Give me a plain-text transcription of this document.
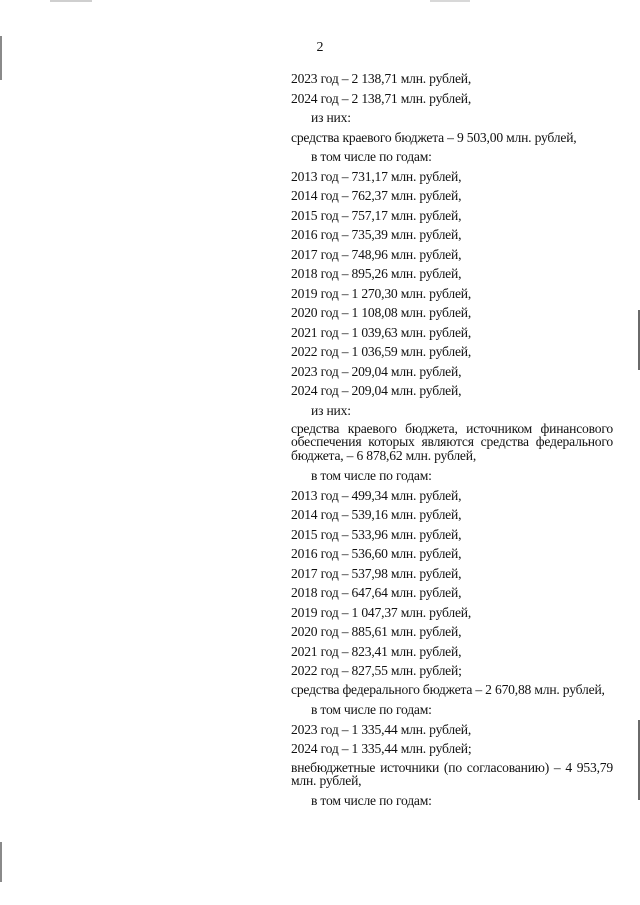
2
2023 год – 2 138,71 млн. рублей,
2024 год – 2 138,71 млн. рублей,
из них:
средства краевого бюджета – 9 503,00 млн. рублей,
в том числе по годам:
2013 год – 731,17 млн. рублей,
2014 год – 762,37 млн. рублей,
2015 год – 757,17 млн. рублей,
2016 год – 735,39 млн. рублей,
2017 год – 748,96 млн. рублей,
2018 год – 895,26 млн. рублей,
2019 год – 1 270,30 млн. рублей,
2020 год – 1 108,08 млн. рублей,
2021 год – 1 039,63 млн. рублей,
2022 год – 1 036,59 млн. рублей,
2023 год – 209,04 млн. рублей,
2024 год – 209,04 млн. рублей,
из них:
средства краевого бюджета, источником финансового обеспечения которых являются средства федерального бюджета, – 6 878,62 млн. рублей,
в том числе по годам:
2013 год – 499,34 млн. рублей,
2014 год – 539,16 млн. рублей,
2015 год – 533,96 млн. рублей,
2016 год – 536,60 млн. рублей,
2017 год – 537,98 млн. рублей,
2018 год – 647,64 млн. рублей,
2019 год – 1 047,37 млн. рублей,
2020 год – 885,61 млн. рублей,
2021 год – 823,41 млн. рублей,
2022 год – 827,55 млн. рублей;
средства федерального бюджета – 2 670,88 млн. рублей,
в том числе по годам:
2023 год – 1 335,44 млн. рублей,
2024 год – 1 335,44 млн. рублей;
внебюджетные источники (по согласованию) – 4 953,79 млн. рублей,
в том числе по годам:
